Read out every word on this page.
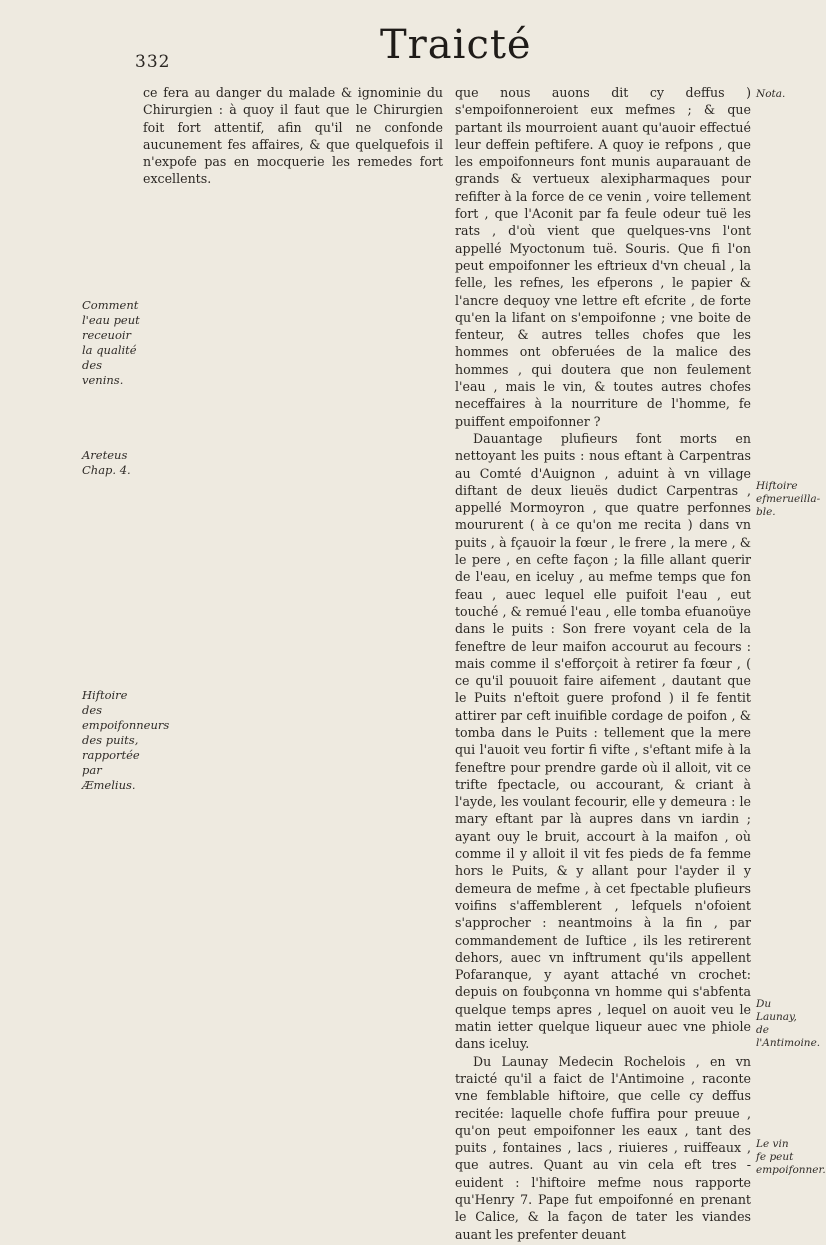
332	Traicté
Comment l'eau peut receuoir la qualité des venins.
Areteus Chap. 4.
Hiftoire des empoifonneurs des puits, rapportée par Æmelius.
Nota.
Hiftoire efmerueilla-ble.
Du Launay, de l'Antimoine.
Le vin fe peut empoifonner.

ce fera au danger du malade & ignominie du Chirurgien : à quoy il faut que le Chirurgien foit fort attentif, afin qu'il ne confonde aucunement fes affaires, & que quelquefois il n'expofe pas en mocquerie les remedes fort excellents.

que nous auons dit cy deffus ) s'empoifonneroient eux mefmes ; & que partant ils mourroient auant qu'auoir effectué leur deffein peftifere. A quoy ie refpons , que les empoifonneurs font munis auparauant de grands & vertueux alexipharmaques pour refifter à la force de ce venin , voire tellement fort , que l'Aconit par fa feule odeur tuë les rats , d'où vient que quelques-vns l'ont appellé Myoctonum tuë. Souris. Que fi l'on peut empoifonner les eftrieux d'vn cheual , la felle, les refnes, les efperons , le papier & l'ancre dequoy vne lettre eft efcrite , de forte qu'en la lifant on s'empoifonne ; vne boite de fenteur, & autres telles chofes que les hommes ont obferuées de la malice des hommes , qui doutera que non feulement l'eau , mais le vin, & toutes autres chofes neceffaires à la nourriture de l'homme, fe puiffent empoifonner ?

Dauantage plufieurs font morts en nettoyant les puits : nous eftant à Carpentras au Comté d'Auignon , aduint à vn village diftant de deux lieuës dudict Carpentras , appellé Mormoyron , que quatre perfonnes moururent ( à ce qu'on me recita ) dans vn puits , à fçauoir la fœur , le frere , la mere , & le pere , en cefte façon ; la fille allant querir de l'eau, en iceluy , au mefme temps que fon feau , auec lequel elle puifoit l'eau , eut touché , & remué l'eau , elle tomba efuanoüye dans le puits : Son frere voyant cela de la feneftre de leur maifon accourut au fecours : mais comme il s'efforçoit à retirer fa fœur , ( ce qu'il pouuoit faire aifement , dautant que le Puits n'eftoit guere profond ) il fe fentit attirer par ceft inuifible cordage de poifon , & tomba dans le Puits : tellement que la mere qui l'auoit veu fortir fi vifte , s'eftant mife à la feneftre pour prendre garde où il alloit, vit ce trifte fpectacle, ou accourant, & criant à l'ayde, les voulant fecourir, elle y demeura : le mary eftant par là aupres dans vn iardin ; ayant ouy le bruit, accourt à la maifon , où comme il y alloit il vit fes pieds de fa femme hors le Puits, & y allant pour l'ayder il y demeura de mefme , à cet fpectable plufieurs voifins s'affemblerent , lefquels n'ofoient s'approcher : neantmoins à la fin , par commandement de Iuftice , ils les retirerent dehors, auec vn inftrument qu'ils appellent Pofaranque, y ayant attaché vn crochet: depuis on foubçonna vn homme qui s'abfenta quelque temps apres , lequel on auoit veu le matin ietter quelque liqueur auec vne phiole dans iceluy.

Du Launay Medecin Rochelois , en vn traicté qu'il a faict de l'Antimoine , raconte vne femblable hiftoire, que celle cy deffus recitée: laquelle chofe fuffira pour preuue , qu'on peut empoifonner les eaux , tant des puits , fontaines , lacs , riuieres , ruiffeaux , que autres. Quant au vin cela eft tres - euident : l'hiftoire mefme nous rapporte qu'Henry 7. Pape fut empoifonné en prenant le Calice, & la façon de tater les viandes auant les prefenter deuant
